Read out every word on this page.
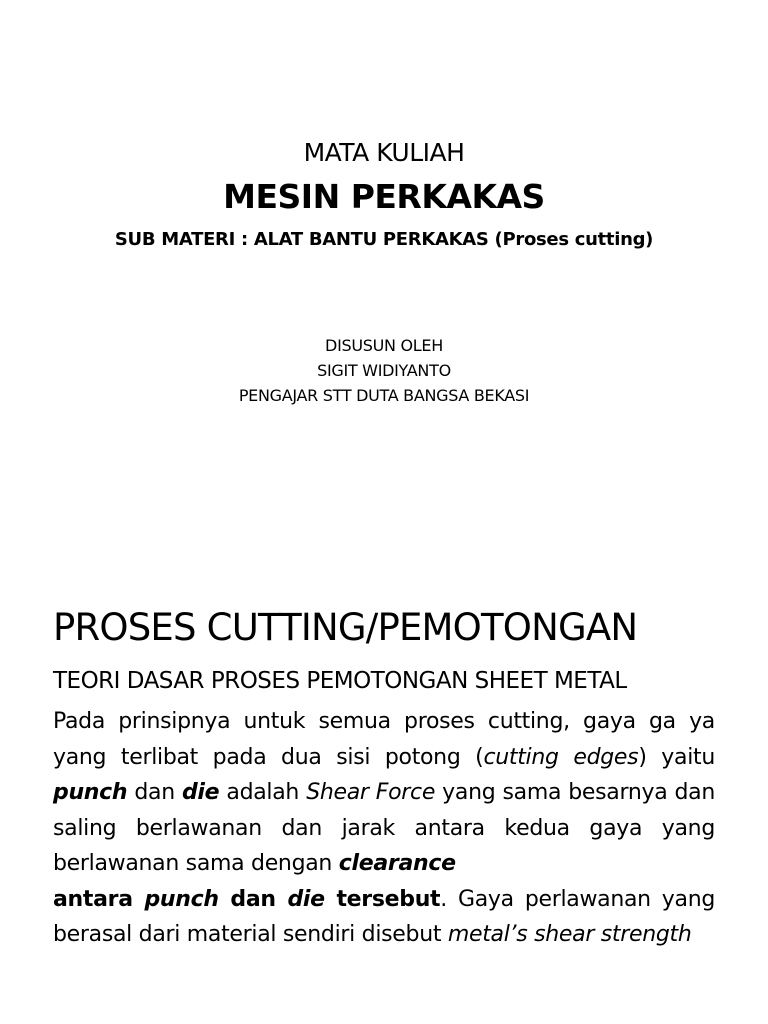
MATA KULIAH
MESIN PERKAKAS
SUB MATERI : ALAT BANTU PERKAKAS (Proses cutting)
DISUSUN OLEH
SIGIT WIDIYANTO
PENGAJAR STT DUTA BANGSA BEKASI
PROSES CUTTING/PEMOTONGAN
TEORI DASAR PROSES PEMOTONGAN SHEET METAL
Pada prinsipnya untuk semua proses cutting, gaya ga ya yang terlibat pada dua sisi potong (cutting edges) yaitu punch dan die adalah Shear Force yang sama besarnya dan saling berlawanan dan jarak antara kedua gaya yang berlawanan sama dengan clearance
antara punch dan die tersebut. Gaya perlawanan yang berasal dari material sendiri disebut metal’s shear strength
